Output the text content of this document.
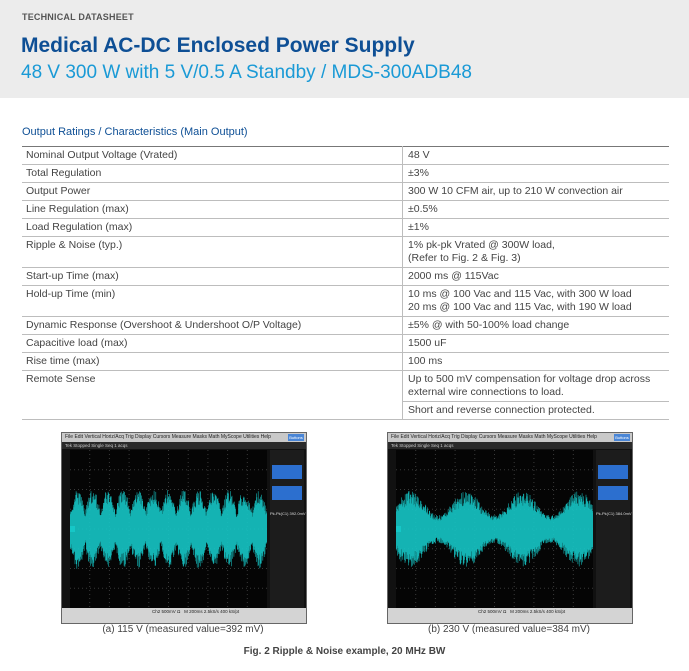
TECHNICAL DATASHEET
Medical AC-DC Enclosed Power Supply
48 V 300 W with 5 V/0.5 A Standby / MDS-300ADB48
Output Ratings / Characteristics (Main Output)
Nominal Output Voltage (Vrated)	48 V

Total Regulation	±3%

Output Power	300 W 10 CFM air, up to 210 W convection air

Line Regulation (max)	±0.5%

Load Regulation (max)	±1%

Ripple & Noise (typ.)	1% pk-pk Vrated @ 300W load,
(Refer to Fig. 2 & Fig. 3)

Start-up Time (max)	2000 ms @ 115Vac

Hold-up Time (min)	10 ms @ 100 Vac and 115 Vac, with 300 W load
20 ms @ 100 Vac and 115 Vac, with 190 W load

Dynamic Response (Overshoot & Undershoot O/P Voltage)	±5% @ with 50-100% load change

Capacitive load (max)	1500 uF

Rise time (max)	100 ms

Remote Sense	Up to 500 mV compensation for voltage drop across external wire connections to load.
Short and reverse connection protected.
File Edit Vertical Horiz/Acq Trig Display Cursors Measure Masks Math MyScope Utilities Help	Buttons
Tek Stopped Single Seq 1 acqs
Pk-Pk(C1) 392.0mV
Ch2 500mV Ω M 200ms 2.5kS/s 400 kS/pt
(a) 115 V (measured value=392 mV)
File Edit Vertical Horiz/Acq Trig Display Cursors Measure Masks Math MyScope Utilities Help	Buttons
Tek Stopped Single Seq 1 acqs
Pk-Pk(C1) 384.0mV
Ch2 500mV Ω M 200ms 2.5kS/s 400 kS/pt
(b) 230 V (measured value=384 mV)
Fig. 2 Ripple & Noise example, 20 MHz BW
